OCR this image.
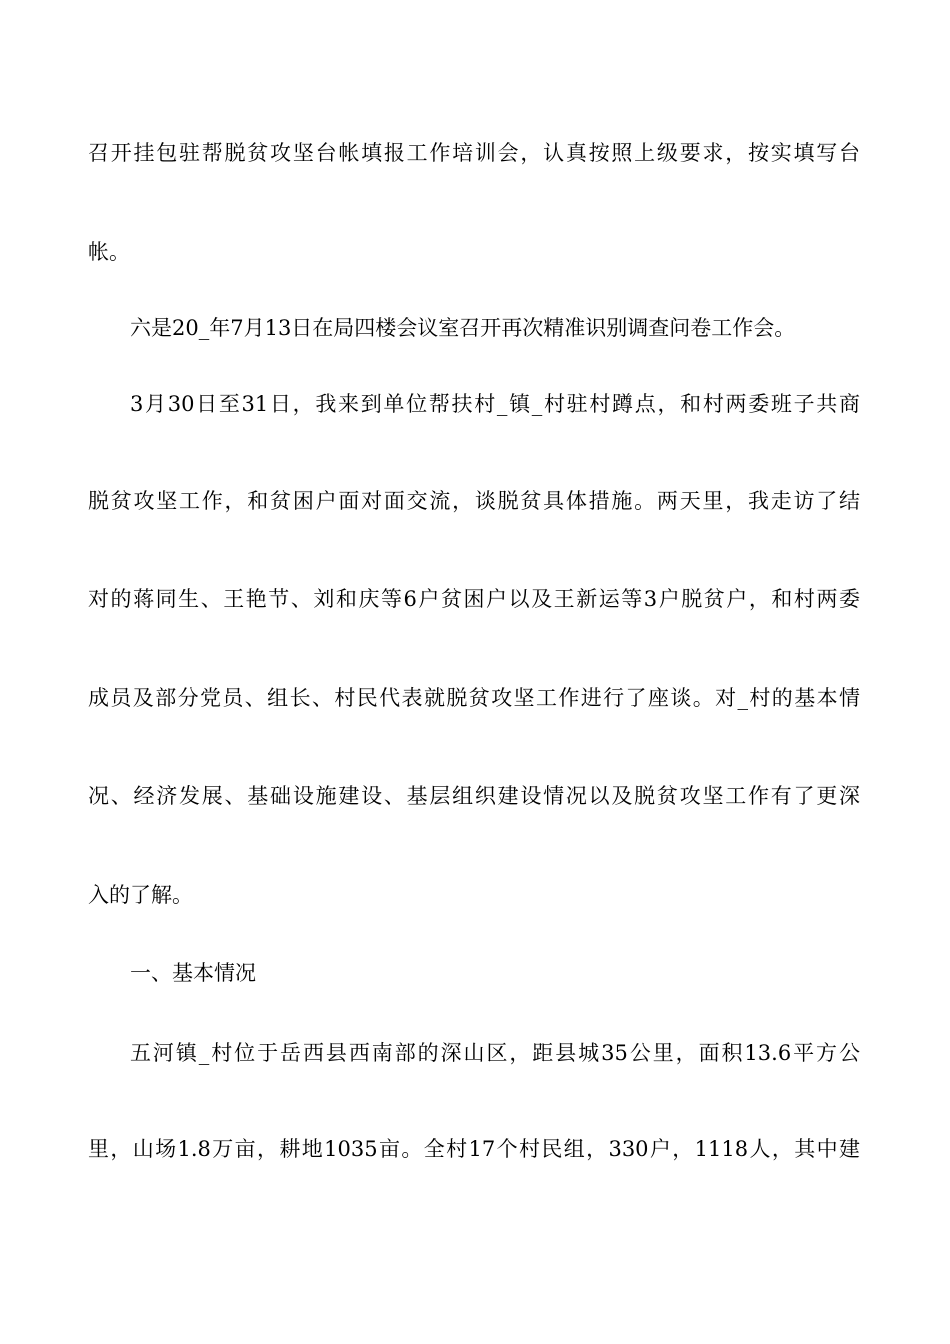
召开挂包驻帮脱贫攻坚台帐填报工作培训会，认真按照上级要求，按实填写台
帐。
六是20_年7月13日在局四楼会议室召开再次精准识别调查问卷工作会。
3月30日至31日，我来到单位帮扶村_镇_村驻村蹲点，和村两委班子共商
脱贫攻坚工作，和贫困户面对面交流，谈脱贫具体措施。两天里，我走访了结
对的蒋同生、王艳节、刘和庆等6户贫困户以及王新运等3户脱贫户，和村两委
成员及部分党员、组长、村民代表就脱贫攻坚工作进行了座谈。对_村的基本情
况、经济发展、基础设施建设、基层组织建设情况以及脱贫攻坚工作有了更深
入的了解。
一、基本情况
五河镇_村位于岳西县西南部的深山区，距县城35公里，面积13.6平方公
里，山场1.8万亩，耕地1035亩。全村17个村民组，330户，1118人，其中建
